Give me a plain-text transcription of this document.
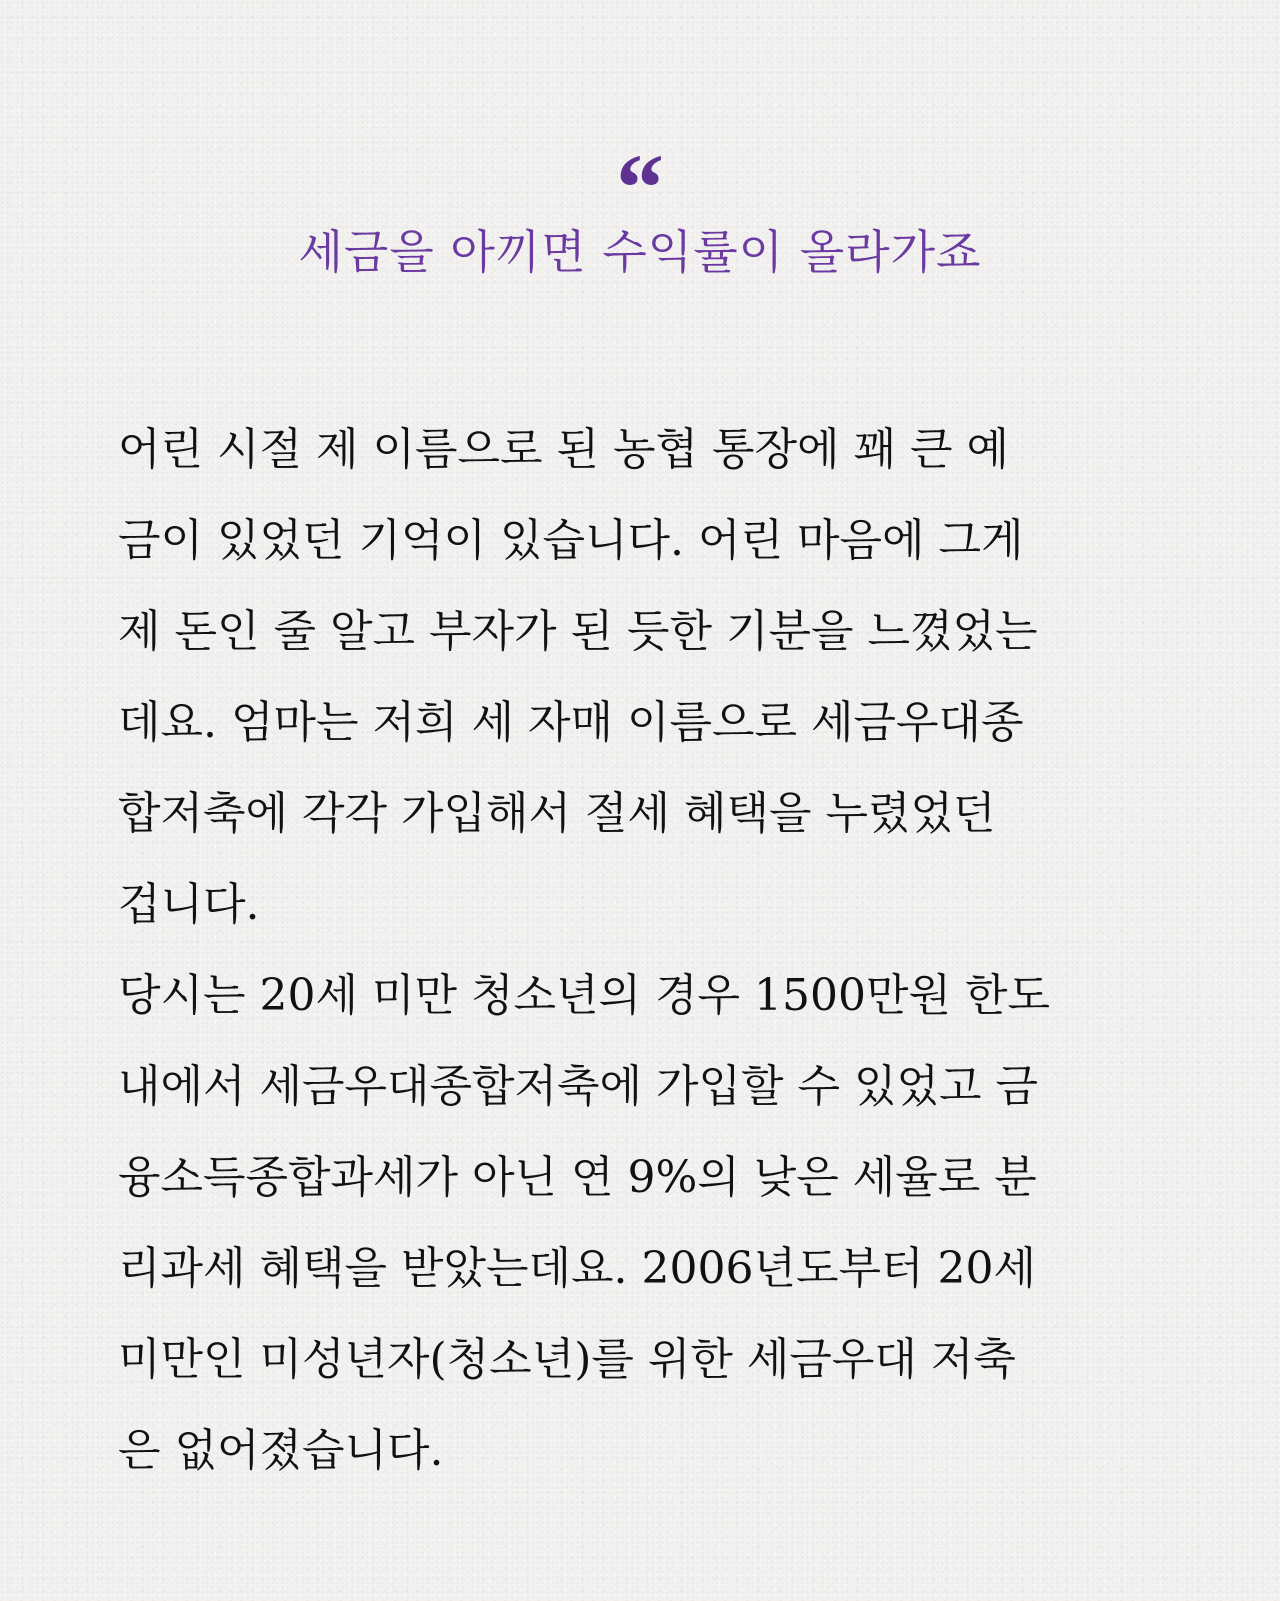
“
세금을 아끼면 수익률이 올라가죠
어린 시절 제 이름으로 된 농협 통장에 꽤 큰 예
금이 있었던 기억이 있습니다. 어린 마음에 그게
제 돈인 줄 알고 부자가 된 듯한 기분을 느꼈었는
데요. 엄마는 저희 세 자매 이름으로 세금우대종
합저축에 각각 가입해서 절세 혜택을 누렸었던
겁니다.
당시는 20세 미만 청소년의 경우 1500만원 한도
내에서 세금우대종합저축에 가입할 수 있었고 금
융소득종합과세가 아닌 연 9%의 낮은 세율로 분
리과세 혜택을 받았는데요. 2006년도부터 20세
미만인 미성년자(청소년)를 위한 세금우대 저축
은 없어졌습니다.
